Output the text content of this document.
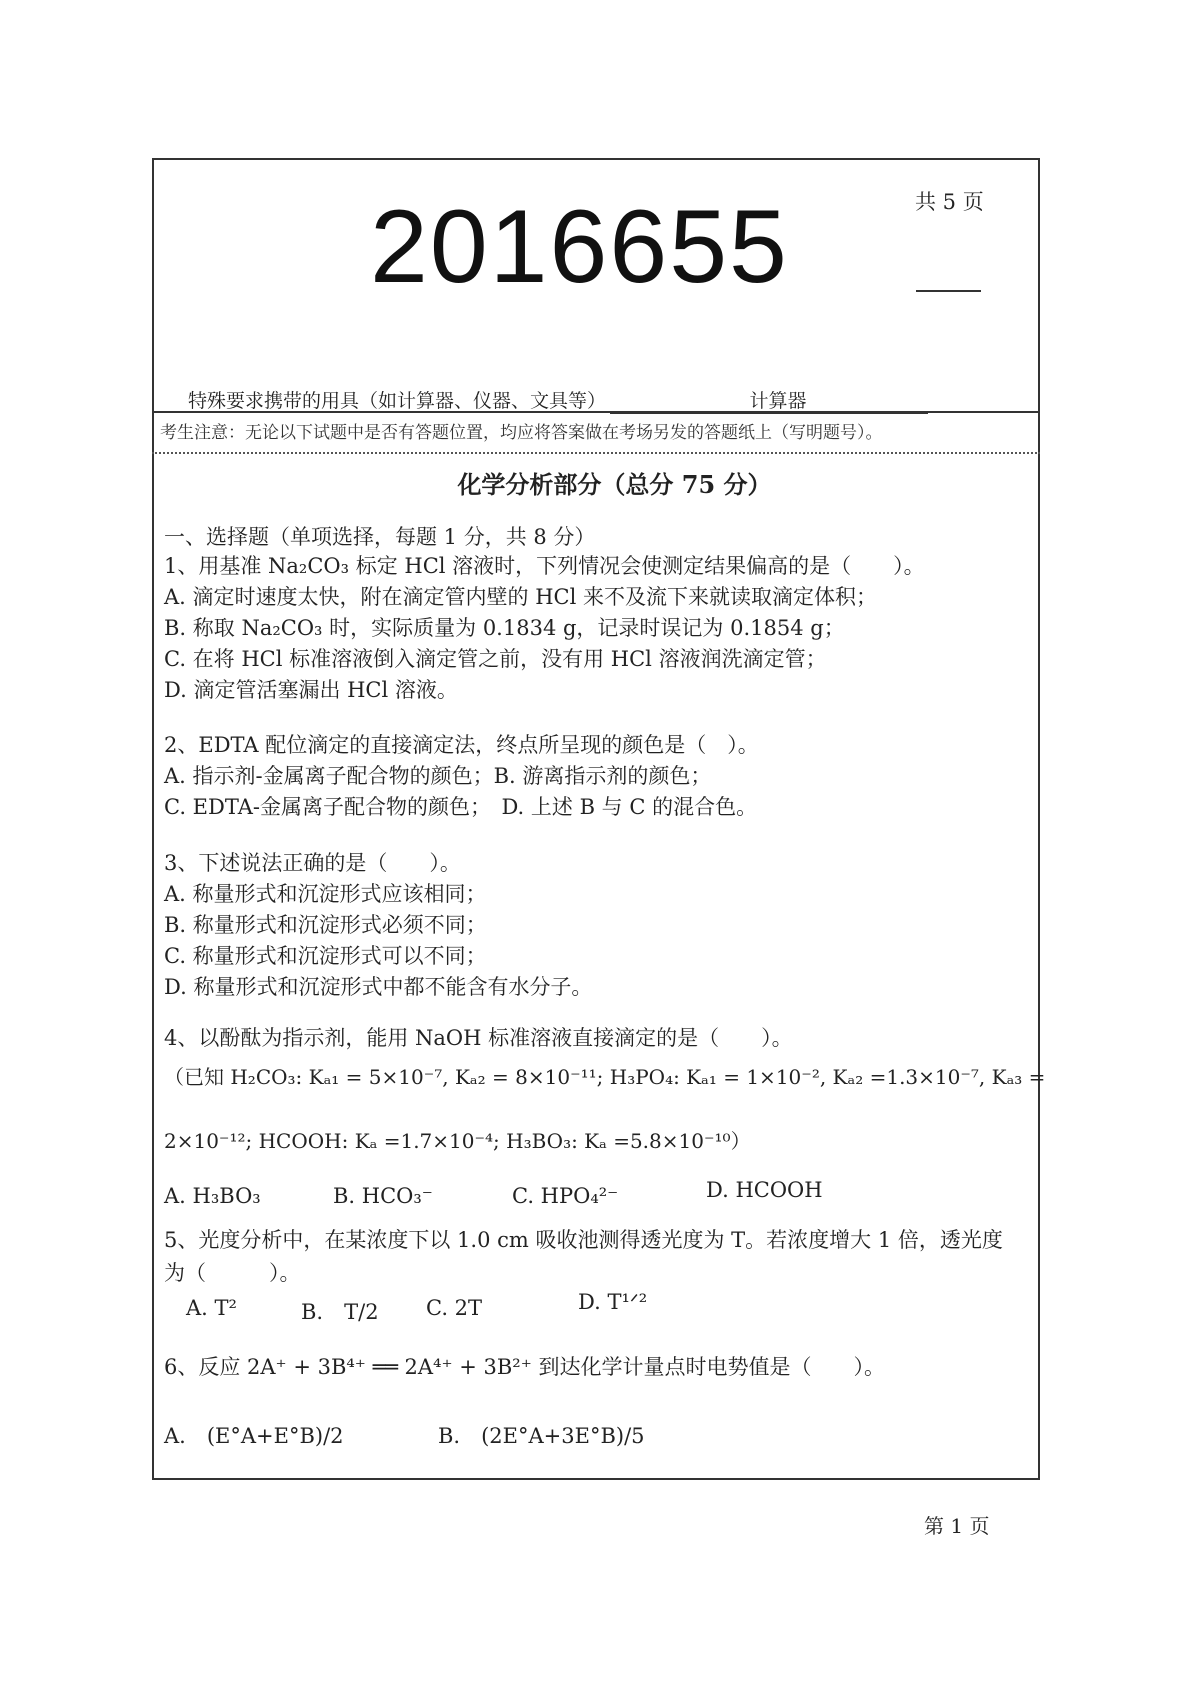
共 5 页
2016655
特殊要求携带的用具（如计算器、仪器、文具等）	计算器
考生注意：无论以下试题中是否有答题位置，均应将答案做在考场另发的答题纸上（写明题号）。
化学分析部分（总分 75 分）
一、选择题（单项选择，每题 1 分，共 8 分）
1、用基准 Na₂CO₃ 标定 HCl 溶液时，下列情况会使测定结果偏高的是（　　）。
A. 滴定时速度太快，附在滴定管内壁的 HCl 来不及流下来就读取滴定体积；
B. 称取 Na₂CO₃ 时，实际质量为 0.1834 g，记录时误记为 0.1854 g；
C. 在将 HCl 标准溶液倒入滴定管之前，没有用 HCl 溶液润洗滴定管；
D. 滴定管活塞漏出 HCl 溶液。
2、EDTA 配位滴定的直接滴定法，终点所呈现的颜色是（　）。
A. 指示剂-金属离子配合物的颜色；B. 游离指示剂的颜色；
C. EDTA-金属离子配合物的颜色；　D. 上述 B 与 C 的混合色。
3、下述说法正确的是（　　）。
A. 称量形式和沉淀形式应该相同；
B. 称量形式和沉淀形式必须不同；
C. 称量形式和沉淀形式可以不同；
D. 称量形式和沉淀形式中都不能含有水分子。
4、以酚酞为指示剂，能用 NaOH 标准溶液直接滴定的是（　　）。
（已知 H₂CO₃: Kₐ₁ = 5×10⁻⁷, Kₐ₂ = 8×10⁻¹¹; H₃PO₄: Kₐ₁ = 1×10⁻², Kₐ₂ =1.3×10⁻⁷, Kₐ₃ =
2×10⁻¹²; HCOOH: Kₐ =1.7×10⁻⁴; H₃BO₃: Kₐ =5.8×10⁻¹⁰）
A. H₃BO₃	B. HCO₃⁻	C. HPO₄²⁻	D. HCOOH
5、光度分析中，在某浓度下以 1.0 cm 吸收池测得透光度为 T。若浓度增大 1 倍，透光度
为（　　　）。
A. T²	B.　T/2 C. 2T	D. T¹ᐟ²
6、反应 2A⁺ + 3B⁴⁺ ══ 2A⁴⁺ + 3B²⁺ 到达化学计量点时电势值是（　　）。
A.　(E°A+E°B)/2	B.　(2E°A+3E°B)/5
第 1 页
